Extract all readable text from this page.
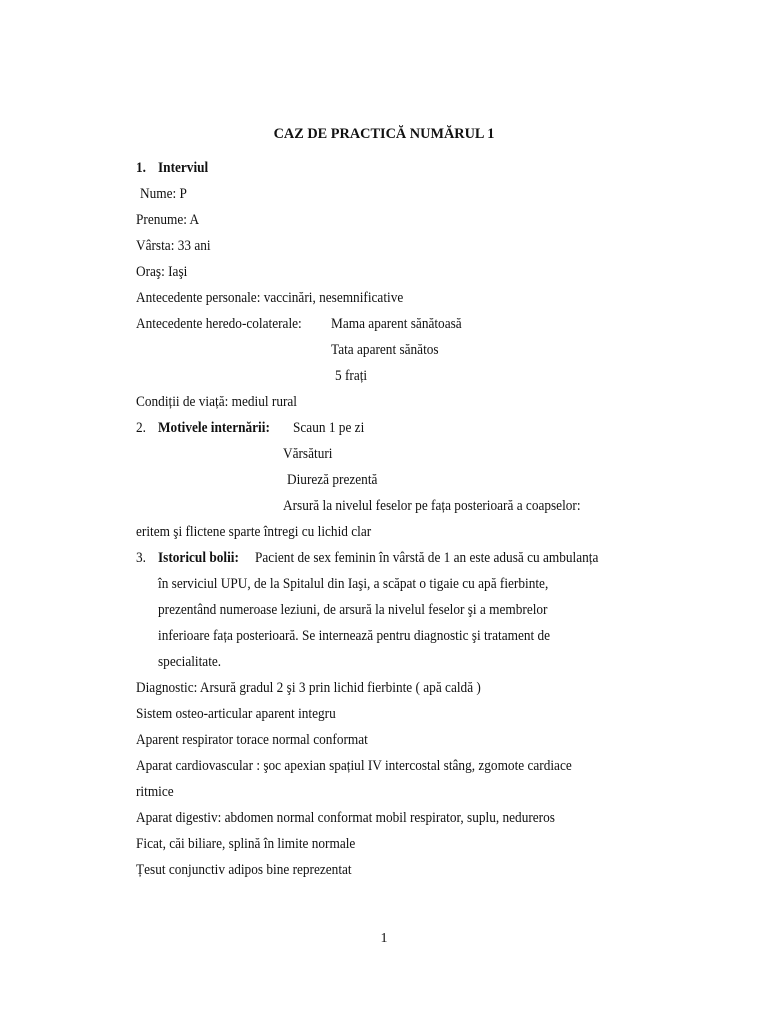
CAZ DE PRACTICĂ NUMĂRUL 1
1. Interviul
Nume: P
Prenume: A
Vârsta: 33 ani
Oraş: Iaşi
Antecedente personale: vaccinări, nesemnificative
Antecedente heredo-colaterale: Mama aparent sănătoasă
Tata aparent sănătos
5 frați
Condiții de viață: mediul rural
2. Motivele internării: Scaun 1 pe zi
Vărsături
Diureză prezentă
Arsură la nivelul feselor pe fața posterioară a coapselor:
eritem şi flictene sparte întregi cu lichid clar
3. Istoricul bolii: Pacient de sex feminin în vârstă de 1 an este adusă cu ambulanța
în serviciul UPU, de la Spitalul din Iaşi, a scăpat o tigaie cu apă fierbinte,
prezentând numeroase leziuni, de arsură la nivelul feselor şi a membrelor
inferioare fața posterioară. Se internează pentru diagnostic şi tratament de
specialitate.
Diagnostic: Arsură gradul 2 şi 3 prin lichid fierbinte ( apă caldă )
Sistem osteo-articular aparent integru
Aparent respirator torace normal conformat
Aparat cardiovascular : şoc apexian spațiul IV intercostal stâng, zgomote cardiace
ritmice
Aparat digestiv: abdomen normal conformat mobil respirator, suplu, nedureros
Ficat, căi biliare, splină în limite normale
Țesut conjunctiv adipos bine reprezentat
1
